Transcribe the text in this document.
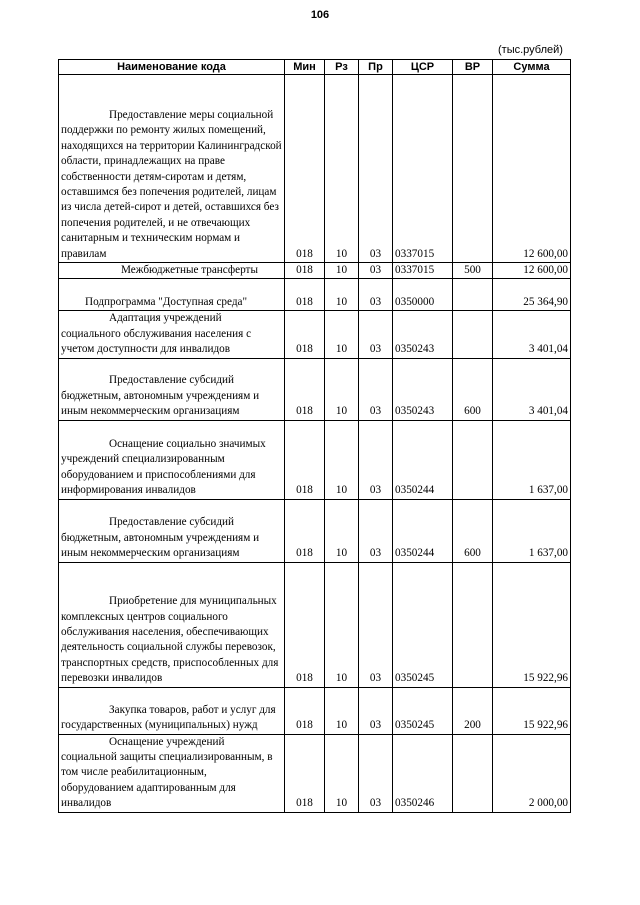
106
(тыс.рублей)
Наименование кода	Мин	Рз	Пр	ЦСР	ВР	Сумма
Предоставление меры социальной поддержки по ремонту жилых помещений, находящихся на территории Калининградской области, принадлежащих на праве собственности детям-сиротам и детям, оставшимся без попечения родителей, лицам из числа детей-сирот и детей, оставшихся без попечения родителей, и не отвечающих санитарным и техническим нормам и правилам	018	10	03	0337015		12 600,00
Межбюджетные трансферты	018	10	03	0337015	500	12 600,00
Подпрограмма "Доступная среда"	018	10	03	0350000		25 364,90
Адаптация учреждений социального обслуживания населения с учетом доступности для инвалидов	018	10	03	0350243		3 401,04
Предоставление субсидий бюджетным, автономным учреждениям и иным некоммерческим организациям	018	10	03	0350243	600	3 401,04
Оснащение социально значимых учреждений специализированным оборудованием и приспособлениями для информирования инвалидов	018	10	03	0350244		1 637,00
Предоставление субсидий бюджетным, автономным учреждениям и иным некоммерческим организациям	018	10	03	0350244	600	1 637,00
Приобретение для муниципальных комплексных центров социального обслуживания населения, обеспечивающих деятельность социальной службы перевозок, транспортных средств, приспособленных для перевозки инвалидов	018	10	03	0350245		15 922,96
Закупка товаров, работ и услуг для государственных (муниципальных) нужд	018	10	03	0350245	200	15 922,96
Оснащение учреждений социальной защиты специализированным, в том числе реабилитационным, оборудованием адаптированным для инвалидов	018	10	03	0350246		2 000,00
